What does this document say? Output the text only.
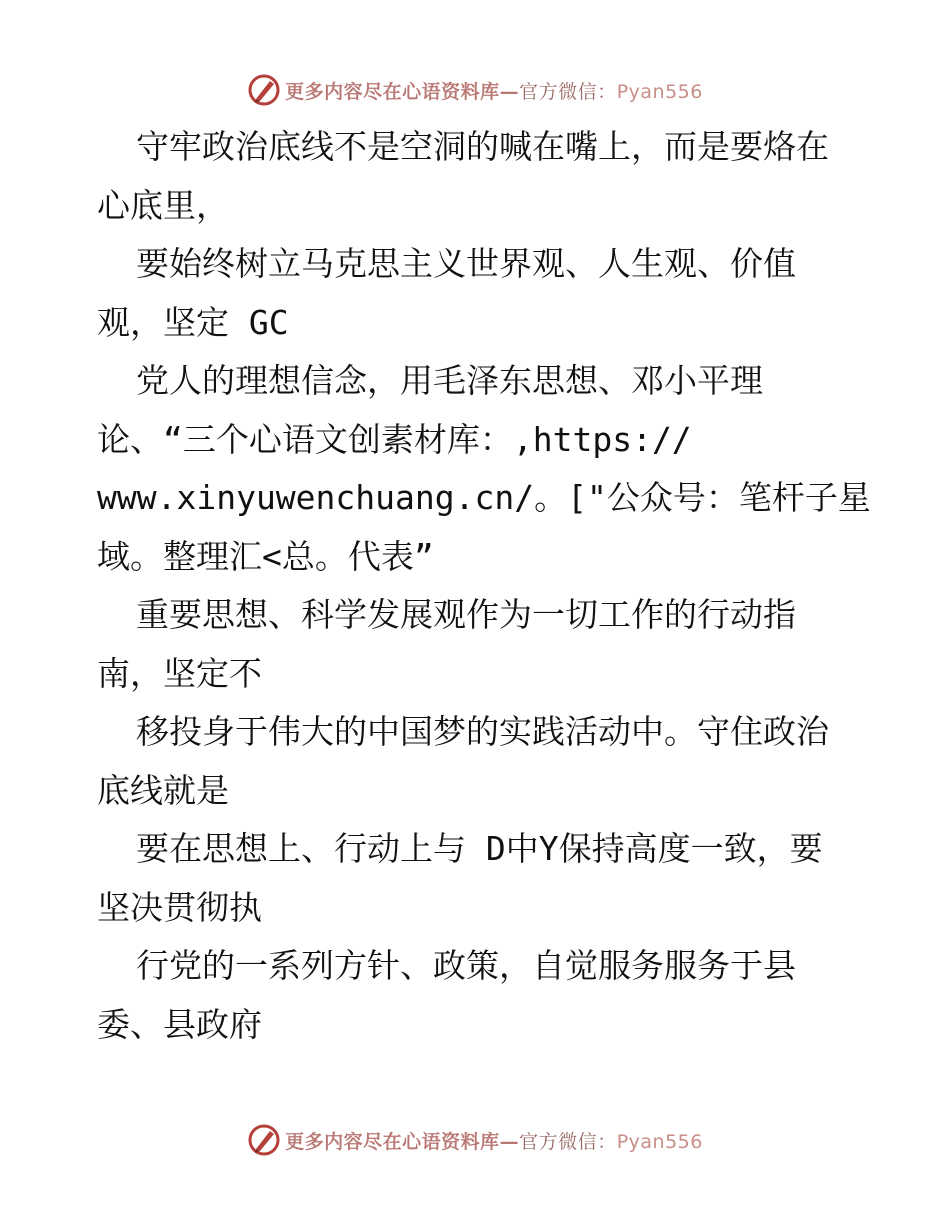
更多内容尽在心语资料库—官方微信：Pyan556
守牢政治底线不是空洞的喊在嘴上，而是要烙在
心底里，
要始终树立马克思主义世界观、人生观、价值
观，坚定 GC
党人的理想信念，用毛泽东思想、邓小平理
论、“三个心语文创素材库：,https://
www.xinyuwenchuang.cn/。["公众号：笔杆子星
域。整理汇<总。代表”
重要思想、科学发展观作为一切工作的行动指
南，坚定不
移投身于伟大的中国梦的实践活动中。守住政治
底线就是
要在思想上、行动上与 D中Y保持高度一致，要
坚决贯彻执
行党的一系列方针、政策，自觉服务服务于县
委、县政府
更多内容尽在心语资料库—官方微信：Pyan556
